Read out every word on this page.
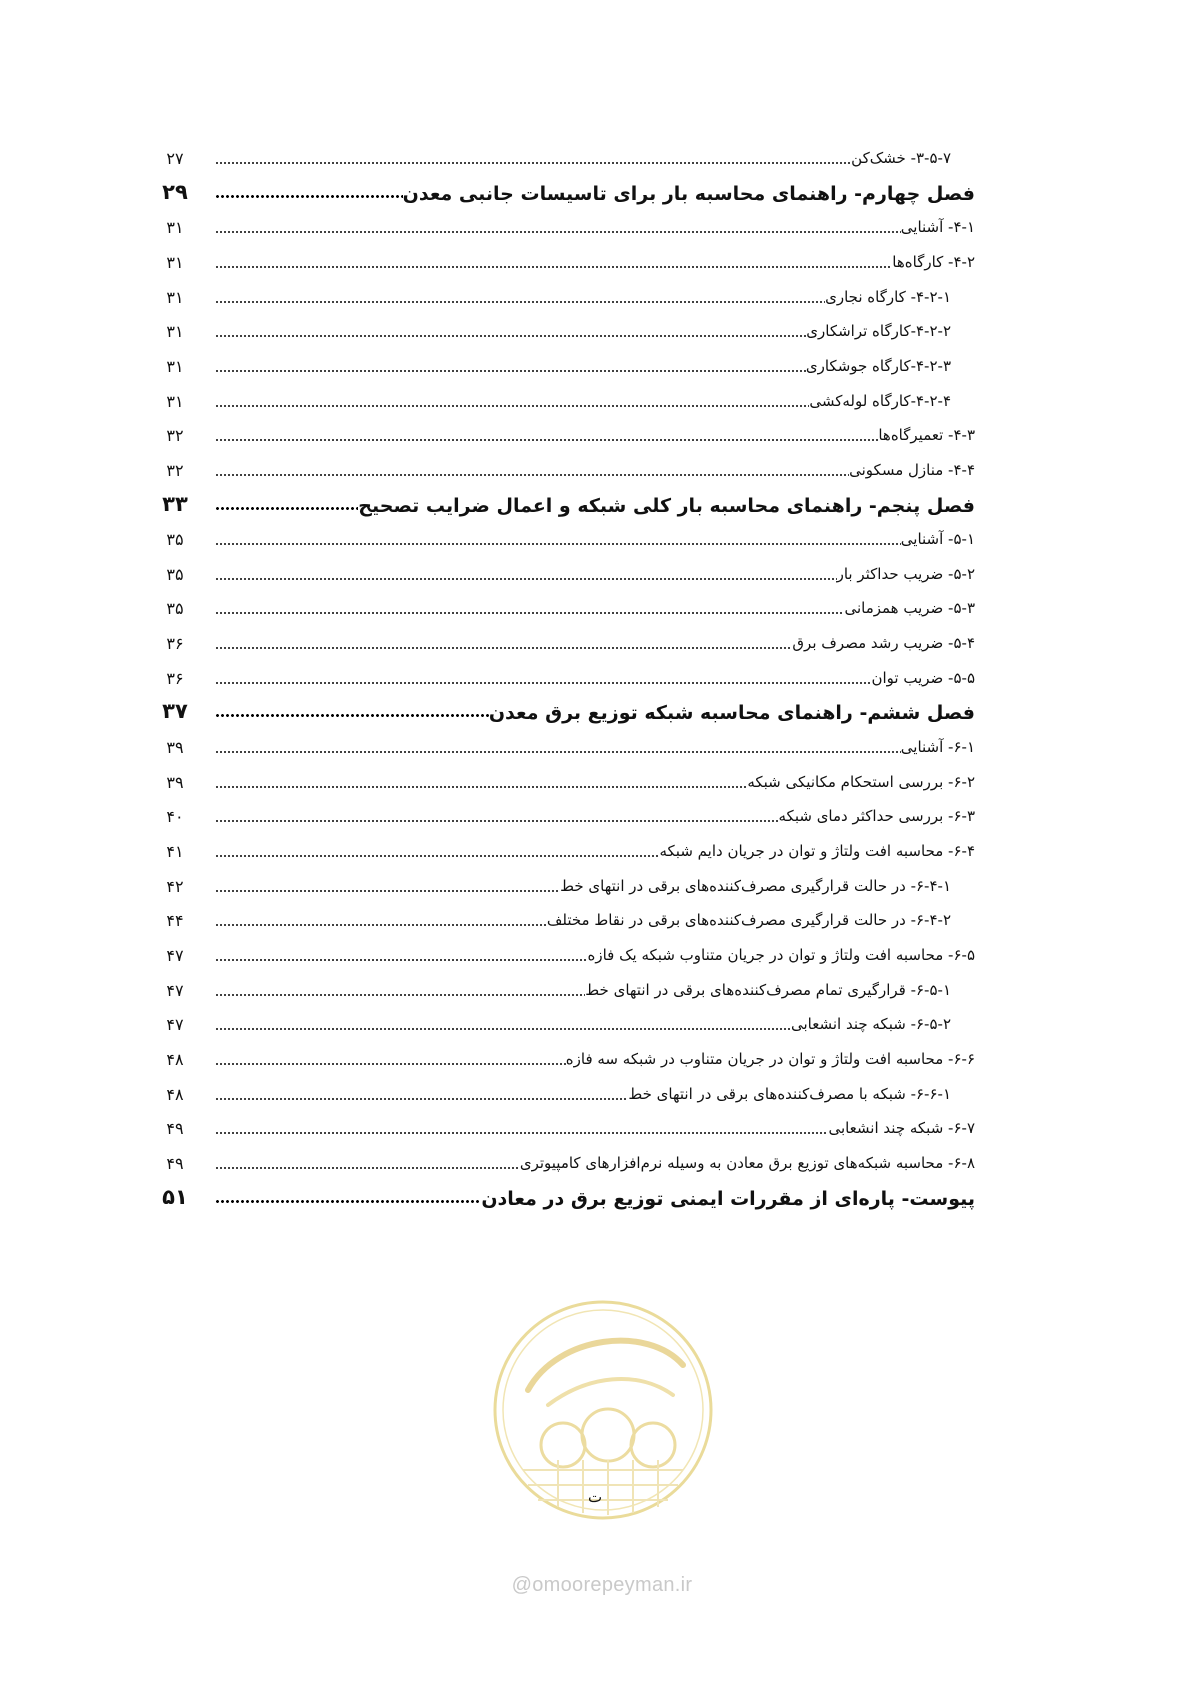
۳-۵-۷- خشک‌کن
۲۷
فصل چهارم- راهنمای محاسبه بار برای تاسیسات جانبی معدن
۲۹
۴-۱- آشنایی
۳۱
۴-۲- کارگاه‌ها
۳۱
۴-۲-۱- کارگاه نجاری
۳۱
۴-۲-۲-کارگاه تراشکاری
۳۱
۴-۲-۳-کارگاه جوشکاری
۳۱
۴-۲-۴-کارگاه لوله‌کشی
۳۱
۴-۳- تعمیرگاه‌ها
۳۲
۴-۴- منازل مسکونی
۳۲
فصل پنجم- راهنمای محاسبه بار کلی شبکه و اعمال ضرایب تصحیح
۳۳
۵-۱- آشنایی
۳۵
۵-۲- ضریب حداکثر بار
۳۵
۵-۳- ضریب همزمانی
۳۵
۵-۴- ضریب رشد مصرف برق
۳۶
۵-۵- ضریب توان
۳۶
فصل ششم- راهنمای محاسبه شبکه توزیع برق معدن
۳۷
۶-۱- آشنایی
۳۹
۶-۲- بررسی استحکام مکانیکی شبکه
۳۹
۶-۳- بررسی حداکثر دمای شبکه
۴۰
۶-۴- محاسبه افت ولتاژ و توان در جریان دایم شبکه
۴۱
۶-۴-۱- در حالت قرارگیری مصرف‌کننده‌های برقی در انتهای خط
۴۲
۶-۴-۲- در حالت قرارگیری مصرف‌کننده‌های برقی در نقاط مختلف
۴۴
۶-۵- محاسبه افت ولتاژ و توان در جریان متناوب شبکه یک فازه
۴۷
۶-۵-۱- قرارگیری تمام مصرف‌کننده‌های برقی در انتهای خط
۴۷
۶-۵-۲- شبکه چند انشعابی
۴۷
۶-۶- محاسبه افت ولتاژ و توان در جریان متناوب در شبکه سه فازه
۴۸
۶-۶-۱- شبکه با مصرف‌کننده‌های برقی در انتهای خط
۴۸
۶-۷- شبکه چند انشعابی
۴۹
۶-۸- محاسبه شبکه‌های توزیع برق معادن به وسیله نرم‌افزارهای کامپیوتری
۴۹
پیوست- پاره‌ای از مقررات ایمنی توزیع برق در معادن
۵۱
ت
@omoorepeyman.ir
